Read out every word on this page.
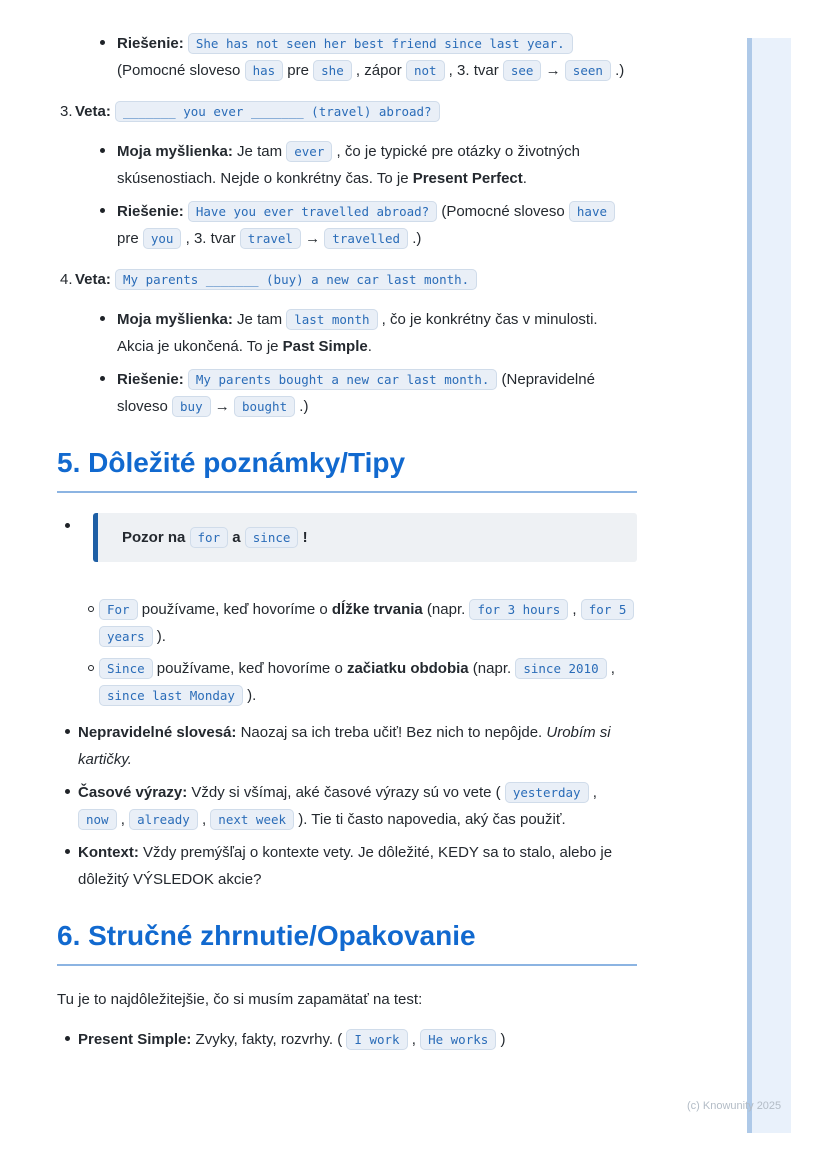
Riešenie: She has not seen her best friend since last year. (Pomocné sloveso has pre she , zápor not , 3. tvar see → seen .)
3. Veta: _______ you ever _______ (travel) abroad?
Moja myšlienka: Je tam ever , čo je typické pre otázky o životných skúsenostiach. Nejde o konkrétny čas. To je Present Perfect.
Riešenie: Have you ever travelled abroad? (Pomocné sloveso have pre you , 3. tvar travel → travelled .)
4. Veta: My parents _______ (buy) a new car last month.
Moja myšlienka: Je tam last month , čo je konkrétny čas v minulosti. Akcia je ukončená. To je Past Simple.
Riešenie: My parents bought a new car last month. (Nepravidelné sloveso buy → bought .)
5. Dôležité poznámky/Tipy
Pozor na for a since !
For používame, keď hovoríme o dĺžke trvania (napr. for 3 hours , for 5 years ).
Since používame, keď hovoríme o začiatku obdobia (napr. since 2010 , since last Monday ).
Nepravidelné slovesá: Naozaj sa ich treba učiť! Bez nich to nepôjde. Urobím si kartičky.
Časové výrazy: Vždy si všímaj, aké časové výrazy sú vo vete ( yesterday , now , already , next week ). Tie ti často napovedia, aký čas použiť.
Kontext: Vždy premýšľaj o kontexte vety. Je dôležité, KEDY sa to stalo, alebo je dôležitý VÝSLEDOK akcie?
6. Stručné zhrnutie/Opakovanie
Tu je to najdôležitejšie, čo si musím zapamätať na test:
Present Simple: Zvyky, fakty, rozvrhy. ( I work , He works )
(c) Knowunity 2025
